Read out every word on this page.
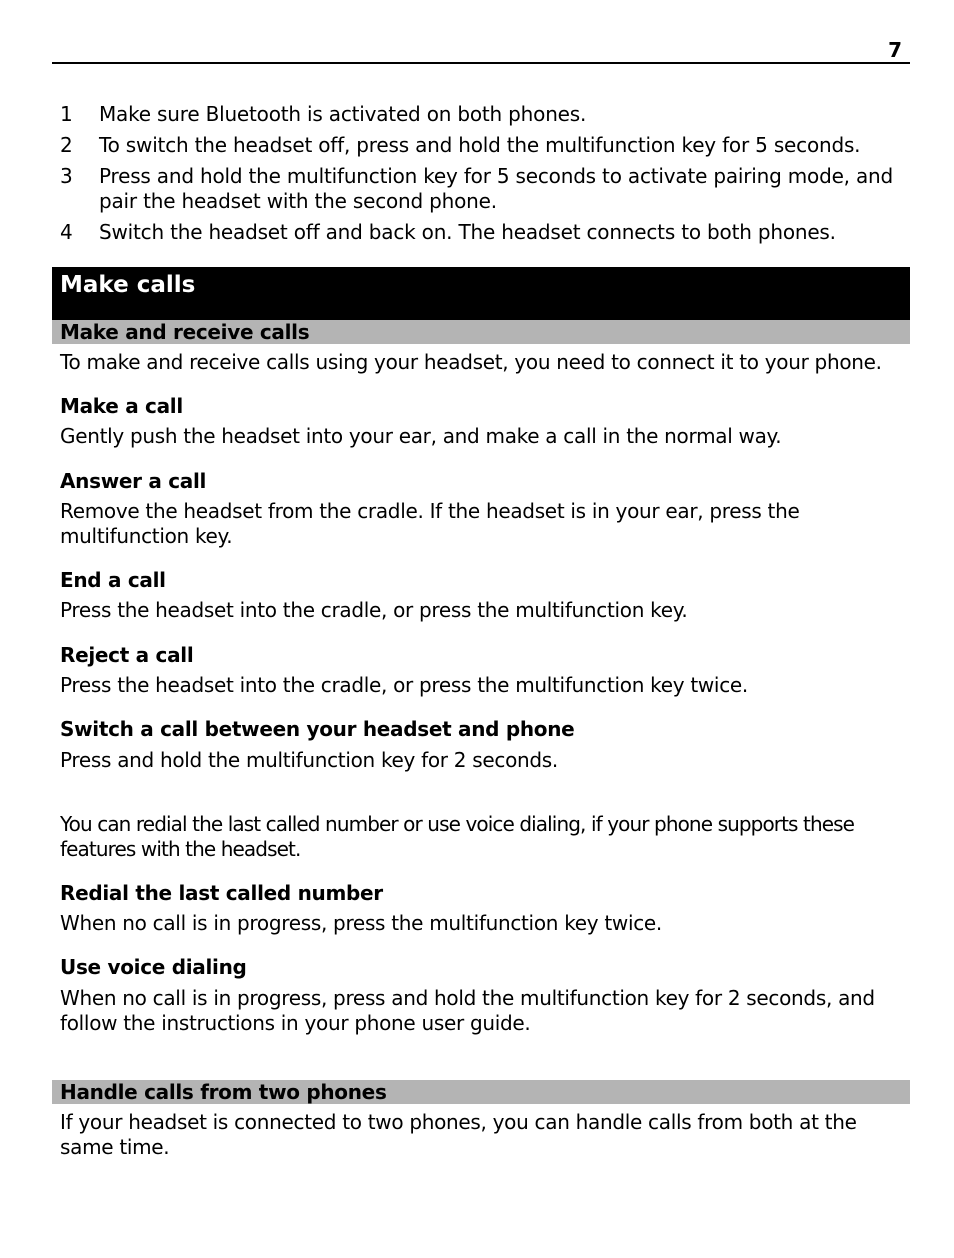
7
1	Make sure Bluetooth is activated on both phones.
2	To switch the headset off, press and hold the multifunction key for 5 seconds.
3	Press and hold the multifunction key for 5 seconds to activate pairing mode, and pair the headset with the second phone.
4	Switch the headset off and back on. The headset connects to both phones.
Make calls
Make and receive calls
To make and receive calls using your headset, you need to connect it to your phone.
Make a call
Gently push the headset into your ear, and make a call in the normal way.
Answer a call
Remove the headset from the cradle. If the headset is in your ear, press the multifunction key.
End a call
Press the headset into the cradle, or press the multifunction key.
Reject a call
Press the headset into the cradle, or press the multifunction key twice.
Switch a call between your headset and phone
Press and hold the multifunction key for 2 seconds.
You can redial the last called number or use voice dialing, if your phone supports these features with the headset.
Redial the last called number
When no call is in progress, press the multifunction key twice.
Use voice dialing
When no call is in progress, press and hold the multifunction key for 2 seconds, and follow the instructions in your phone user guide.
Handle calls from two phones
If your headset is connected to two phones, you can handle calls from both at the same time.
